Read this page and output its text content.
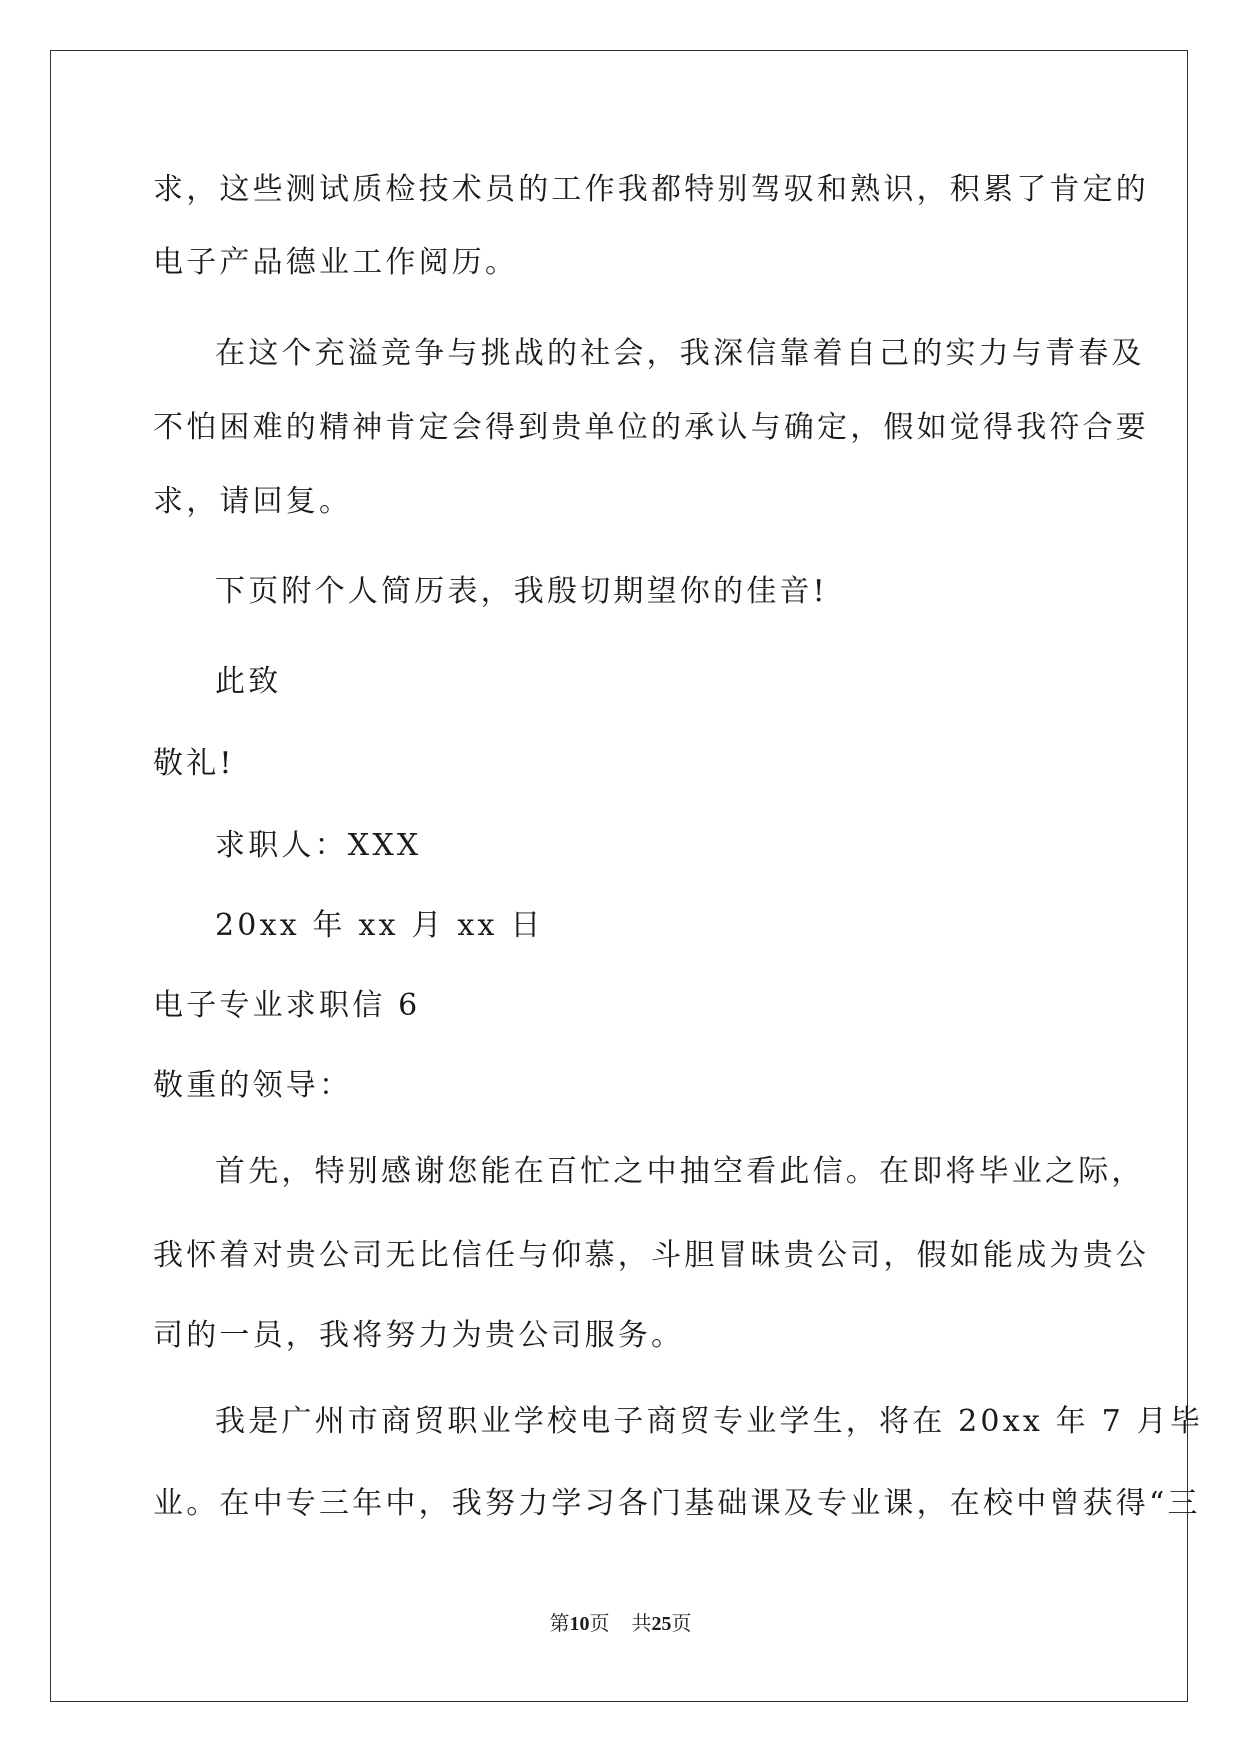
求，这些测试质检技术员的工作我都特别驾驭和熟识，积累了肯定的
电子产品德业工作阅历。
在这个充溢竞争与挑战的社会，我深信靠着自己的实力与青春及
不怕困难的精神肯定会得到贵单位的承认与确定，假如觉得我符合要
求，请回复。
下页附个人简历表，我殷切期望你的佳音!
此致
敬礼!
求职人：XXX
20xx 年 xx 月 xx 日
电子专业求职信 6
敬重的领导：
首先，特别感谢您能在百忙之中抽空看此信。在即将毕业之际，
我怀着对贵公司无比信任与仰慕，斗胆冒昧贵公司，假如能成为贵公
司的一员，我将努力为贵公司服务。
我是广州市商贸职业学校电子商贸专业学生，将在 20xx 年 7 月毕
业。在中专三年中，我努力学习各门基础课及专业课，在校中曾获得“三
第10页 共25页
